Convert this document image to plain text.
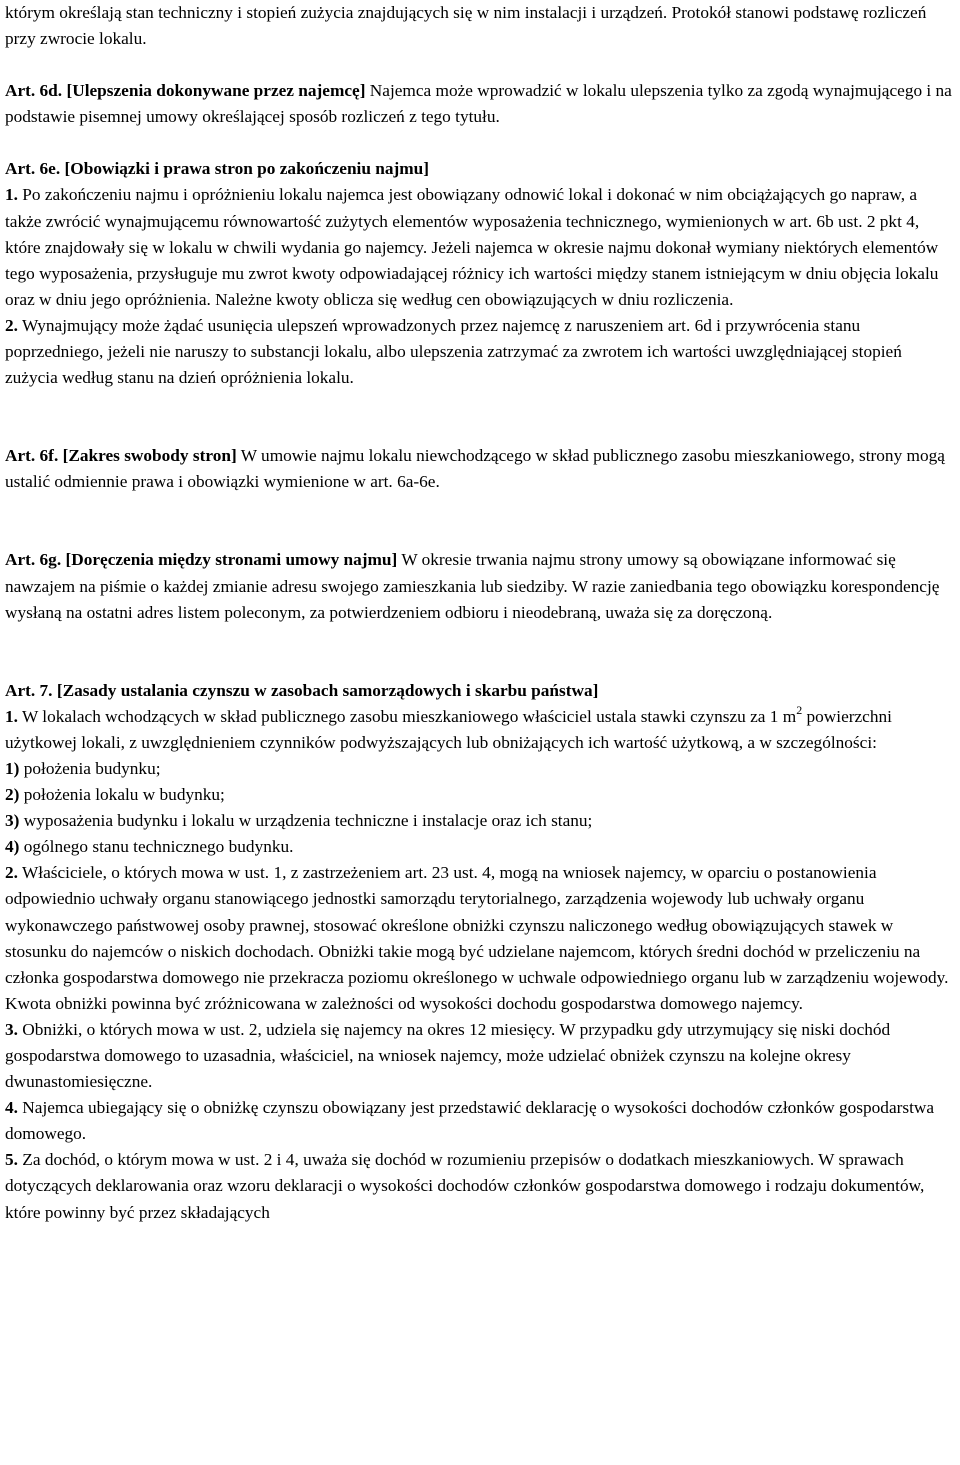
którym określają stan techniczny i stopień zużycia znajdujących się w nim instalacji i urządzeń. Protokół stanowi podstawę rozliczeń przy zwrocie lokalu.

Art. 6d. [Ulepszenia dokonywane przez najemcę] Najemca może wprowadzić w lokalu ulepszenia tylko za zgodą wynajmującego i na podstawie pisemnej umowy określającej sposób rozliczeń z tego tytułu.

Art. 6e. [Obowiązki i prawa stron po zakończeniu najmu]

1. Po zakończeniu najmu i opróżnieniu lokalu najemca jest obowiązany odnowić lokal i dokonać w nim obciążających go napraw, a także zwrócić wynajmującemu równowartość zużytych elementów wyposażenia technicznego, wymienionych w art. 6b ust. 2 pkt 4, które znajdowały się w lokalu w chwili wydania go najemcy. Jeżeli najemca w okresie najmu dokonał wymiany niektórych elementów tego wyposażenia, przysługuje mu zwrot kwoty odpowiadającej różnicy ich wartości między stanem istniejącym w dniu objęcia lokalu oraz w dniu jego opróżnienia. Należne kwoty oblicza się według cen obowiązujących w dniu rozliczenia.

2. Wynajmujący może żądać usunięcia ulepszeń wprowadzonych przez najemcę z naruszeniem art. 6d i przywrócenia stanu poprzedniego, jeżeli nie naruszy to substancji lokalu, albo ulepszenia zatrzymać za zwrotem ich wartości uwzględniającej stopień zużycia według stanu na dzień opróżnienia lokalu.

Art. 6f. [Zakres swobody stron] W umowie najmu lokalu niewchodzącego w skład publicznego zasobu mieszkaniowego, strony mogą ustalić odmiennie prawa i obowiązki wymienione w art. 6a-6e.

Art. 6g. [Doręczenia między stronami umowy najmu] W okresie trwania najmu strony umowy są obowiązane informować się nawzajem na piśmie o każdej zmianie adresu swojego zamieszkania lub siedziby. W razie zaniedbania tego obowiązku korespondencję wysłaną na ostatni adres listem poleconym, za potwierdzeniem odbioru i nieodebraną, uważa się za doręczoną.

Art. 7. [Zasady ustalania czynszu w zasobach samorządowych i skarbu państwa]

1. W lokalach wchodzących w skład publicznego zasobu mieszkaniowego właściciel ustala stawki czynszu za 1 $m^2$ powierzchni użytkowej lokali, z uwzględnieniem czynników podwyższających lub obniżających ich wartość użytkową, a w szczególności:

1) położenia budynku;

2) położenia lokalu w budynku;

3) wyposażenia budynku i lokalu w urządzenia techniczne i instalacje oraz ich stanu;

4) ogólnego stanu technicznego budynku.

2. Właściciele, o których mowa w ust. 1, z zastrzeżeniem art. 23 ust. 4, mogą na wniosek najemcy, w oparciu o postanowienia odpowiednio uchwały organu stanowiącego jednostki samorządu terytorialnego, zarządzenia wojewody lub uchwały organu wykonawczego państwowej osoby prawnej, stosować określone obniżki czynszu naliczonego według obowiązujących stawek w stosunku do najemców o niskich dochodach. Obniżki takie mogą być udzielane najemcom, których średni dochód w przeliczeniu na członka gospodarstwa domowego nie przekracza poziomu określonego w uchwale odpowiedniego organu lub w zarządzeniu wojewody. Kwota obniżki powinna być zróżnicowana w zależności od wysokości dochodu gospodarstwa domowego najemcy.

3. Obniżki, o których mowa w ust. 2, udziela się najemcy na okres 12 miesięcy. W przypadku gdy utrzymujący się niski dochód gospodarstwa domowego to uzasadnia, właściciel, na wniosek najemcy, może udzielać obniżek czynszu na kolejne okresy dwunastomiesięczne.

4. Najemca ubiegający się o obniżkę czynszu obowiązany jest przedstawić deklarację o wysokości dochodów członków gospodarstwa domowego.

5. Za dochód, o którym mowa w ust. 2 i 4, uważa się dochód w rozumieniu przepisów o dodatkach mieszkaniowych. W sprawach dotyczących deklarowania oraz wzoru deklaracji o wysokości dochodów członków gospodarstwa domowego i rodzaju dokumentów, które powinny być przez składających
